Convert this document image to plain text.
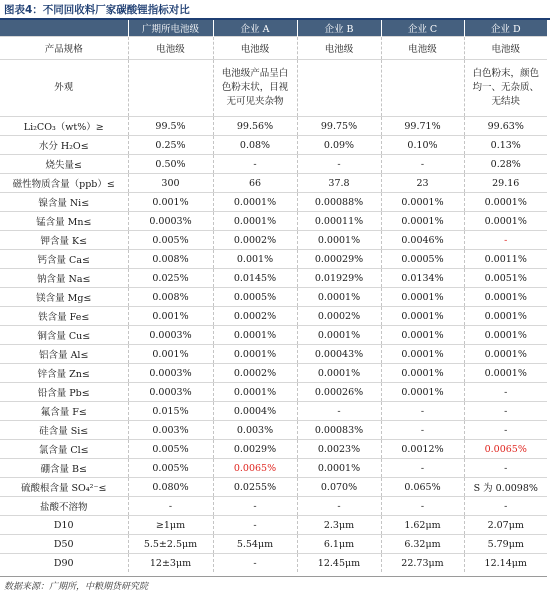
图表4：不同回收料厂家碳酸锂指标对比
	广期所电池级	企业 A	企业 B	企业 C	企业 D
产品规格	电池级	电池级	电池级	电池级	电池级
外观		电池级产品呈白色粉末状，目视无可见夹杂物			白色粉末，颜色均一、无杂质、无结块
Li₂CO₃（wt%）≥	99.5%	99.56%	99.75%	99.71%	99.63%
水分 H₂O≤	0.25%	0.08%	0.09%	0.10%	0.13%
烧失量≤	0.50%	-	-	-	0.28%
磁性物质含量（ppb）≤	300	66	37.8	23	29.16
镍含量 Ni≤	0.001%	0.0001%	0.00088%	0.0001%	0.0001%
锰含量 Mn≤	0.0003%	0.0001%	0.00011%	0.0001%	0.0001%
钾含量 K≤	0.005%	0.0002%	0.0001%	0.0046%	-
钙含量 Ca≤	0.008%	0.001%	0.00029%	0.0005%	0.0011%
钠含量 Na≤	0.025%	0.0145%	0.01929%	0.0134%	0.0051%
镁含量 Mg≤	0.008%	0.0005%	0.0001%	0.0001%	0.0001%
铁含量 Fe≤	0.001%	0.0002%	0.0002%	0.0001%	0.0001%
铜含量 Cu≤	0.0003%	0.0001%	0.0001%	0.0001%	0.0001%
铝含量 Al≤	0.001%	0.0001%	0.00043%	0.0001%	0.0001%
锌含量 Zn≤	0.0003%	0.0002%	0.0001%	0.0001%	0.0001%
铅含量 Pb≤	0.0003%	0.0001%	0.00026%	0.0001%	-
氟含量 F≤	0.015%	0.0004%	-	-	-
硅含量 Si≤	0.003%	0.003%	0.00083%	-	-
氯含量 Cl≤	0.005%	0.0029%	0.0023%	0.0012%	0.0065%
硼含量 B≤	0.005%	0.0065%	0.0001%	-	-
硫酸根含量 SO₄²⁻≤	0.080%	0.0255%	0.070%	0.065%	S 为 0.0098%
盐酸不溶物	-	-	-	-	-
D10	≥1μm	-	2.3μm	1.62μm	2.07μm
D50	5.5±2.5μm	5.54μm	6.1μm	6.32μm	5.79μm
D90	12±3μm	-	12.45μm	22.73μm	12.14μm
数据来源：广期所，中粮期货研究院
